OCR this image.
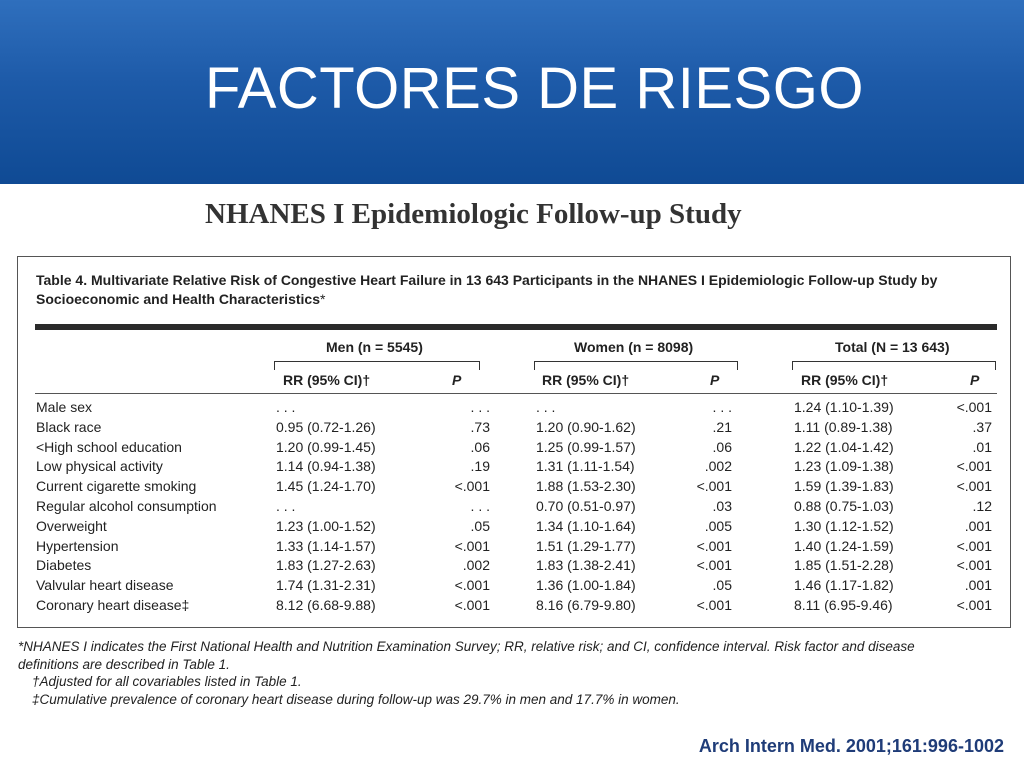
FACTORES DE RIESGO
NHANES I Epidemiologic Follow-up Study
Table 4. Multivariate Relative Risk of Congestive Heart Failure in 13 643 Participants in the NHANES I Epidemiologic Follow-up Study by Socioeconomic and Health Characteristics*
Men (n = 5545)	Women (n = 8098)	Total (N = 13 643)
RR (95% CI)†	P	RR (95% CI)†	P	RR (95% CI)†	P
Male sex	. . .	. . .	. . .	. . .	1.24 (1.10-1.39)	<.001
Black race	0.95 (0.72-1.26)	.73	1.20 (0.90-1.62)	.21	1.11 (0.89-1.38)	.37
<High school education	1.20 (0.99-1.45)	.06	1.25 (0.99-1.57)	.06	1.22 (1.04-1.42)	.01
Low physical activity	1.14 (0.94-1.38)	.19	1.31 (1.11-1.54)	.002	1.23 (1.09-1.38)	<.001
Current cigarette smoking	1.45 (1.24-1.70)	<.001	1.88 (1.53-2.30)	<.001	1.59 (1.39-1.83)	<.001
Regular alcohol consumption	. . .	. . .	0.70 (0.51-0.97)	.03	0.88 (0.75-1.03)	.12
Overweight	1.23 (1.00-1.52)	.05	1.34 (1.10-1.64)	.005	1.30 (1.12-1.52)	.001
Hypertension	1.33 (1.14-1.57)	<.001	1.51 (1.29-1.77)	<.001	1.40 (1.24-1.59)	<.001
Diabetes	1.83 (1.27-2.63)	.002	1.83 (1.38-2.41)	<.001	1.85 (1.51-2.28)	<.001
Valvular heart disease	1.74 (1.31-2.31)	<.001	1.36 (1.00-1.84)	.05	1.46 (1.17-1.82)	.001
Coronary heart disease‡	8.12 (6.68-9.88)	<.001	8.16 (6.79-9.80)	<.001	8.11 (6.95-9.46)	<.001
*NHANES I indicates the First National Health and Nutrition Examination Survey; RR, relative risk; and CI, confidence interval. Risk factor and disease definitions are described in Table 1.
†Adjusted for all covariables listed in Table 1.
‡Cumulative prevalence of coronary heart disease during follow-up was 29.7% in men and 17.7% in women.
Arch Intern Med. 2001;161:996-1002
